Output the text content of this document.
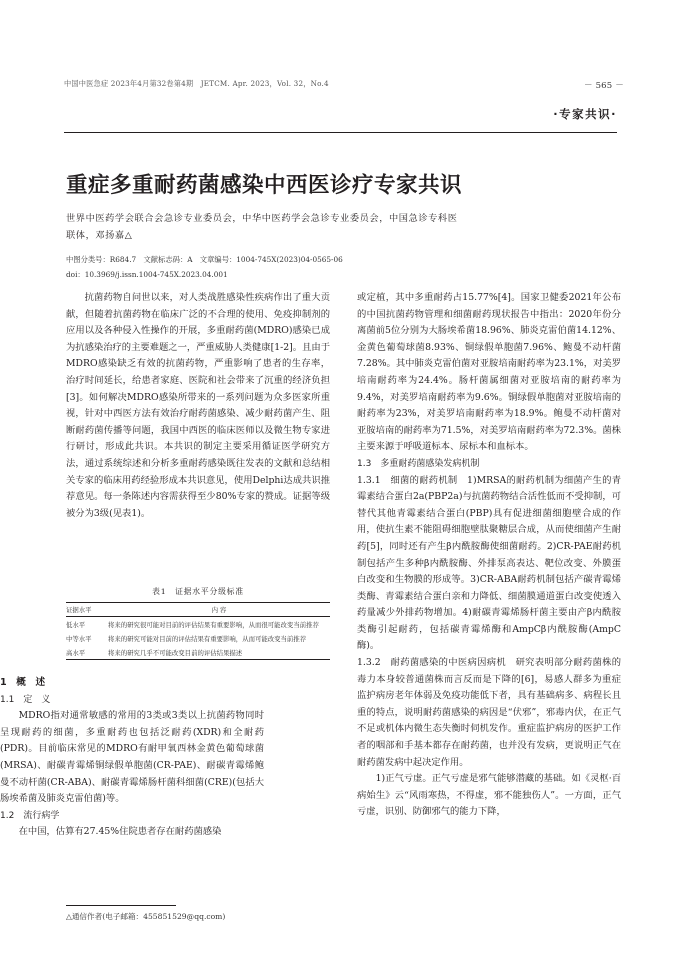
中国中医急症 2023年4月第32卷第4期　JETCM. Apr. 2023，Vol. 32，No.4	－ 565 －
·专家共识·
重症多重耐药菌感染中西医诊疗专家共识
世界中医药学会联合会急诊专业委员会，中华中医药学会急诊专业委员会，中国急诊专科医
联体，邓扬嘉△
中图分类号：R684.7　文献标志码：A　文章编号：1004-745X(2023)04-0565-06
doi：10.3969/j.issn.1004-745X.2023.04.001

抗菌药物自问世以来，对人类战胜感染性疾病作出了重大贡献，但随着抗菌药物在临床广泛的不合理的使用、免疫抑制剂的应用以及各种侵入性操作的开展，多重耐药菌(MDRO)感染已成为抗感染治疗的主要难题之一，严重威胁人类健康[1-2]。且由于MDRO感染缺乏有效的抗菌药物，严重影响了患者的生存率，治疗时间延长，给患者家庭、医院和社会带来了沉重的经济负担[3]。如何解决MDRO感染所带来的一系列问题为众多医家所重视，针对中西医方法有效治疗耐药菌感染、减少耐药菌产生、阻断耐药菌传播等问题，我国中西医的临床医师以及微生物专家进行研讨，形成此共识。本共识的制定主要采用循证医学研究方法，通过系统综述和分析多重耐药感染既往发表的文献和总结相关专家的临床用药经验形成本共识意见，使用Delphi达成共识推荐意见。每一条陈述内容需获得至少80%专家的赞成。证据等级被分为3级(见表1)。

表1　证据水平分级标准
证据水平	内 容
低水平	将来的研究很可能对目前的评估结果有重要影响，从而很可能改变当前推荐
中等水平	将来的研究可能对目前的评估结果有重要影响，从而可能改变当前推荐
高水平	将来的研究几乎不可能改变目前的评估结果描述
1　概　述
1.1　定　义

MDRO指对通常敏感的常用的3类或3类以上抗菌药物同时呈现耐药的细菌，多重耐药也包括泛耐药(XDR)和全耐药(PDR)。目前临床常见的MDRO有耐甲氧西林金黄色葡萄球菌(MRSA)、耐碳青霉烯铜绿假单胞菌(CR-PAE)、耐碳青霉烯鲍曼不动杆菌(CR-ABA)、耐碳青霉烯肠杆菌科细菌(CRE)(包括大肠埃希菌及肺炎克雷伯菌)等。

1.2　流行病学

在中国，估算有27.45%住院患者存在耐药菌感染

或定植，其中多重耐药占15.77%[4]。国家卫健委2021年公布的中国抗菌药物管理和细菌耐药现状报告中指出：2020年份分离菌前5位分别为大肠埃希菌18.96%、肺炎克雷伯菌14.12%、金黄色葡萄球菌8.93%、铜绿假单胞菌7.96%、鲍曼不动杆菌7.28%。其中肺炎克雷伯菌对亚胺培南耐药率为23.1%，对美罗培南耐药率为24.4%。肠杆菌属细菌对亚胺培南的耐药率为9.4%，对美罗培南耐药率为9.6%。铜绿假单胞菌对亚胺培南的耐药率为23%，对美罗培南耐药率为18.9%。鲍曼不动杆菌对亚胺培南的耐药率为71.5%，对美罗培南耐药率为72.3%。菌株主要来源于呼吸道标本、尿标本和血标本。

1.3　多重耐药菌感染发病机制

1.3.1　细菌的耐药机制　1)MRSA的耐药机制为细菌产生的青霉素结合蛋白2a(PBP2a)与抗菌药物结合活性低而不受抑制，可替代其他青霉素结合蛋白(PBP)具有促进细菌细胞壁合成的作用，使抗生素不能阻碍细胞壁肽聚糖层合成，从而使细菌产生耐药[5]，同时还有产生β内酰胺酶使细菌耐药。2)CR-PAE耐药机制包括产生多种β内酰胺酶、外排泵高表达、靶位改变、外膜蛋白改变和生物膜的形成等。3)CR-ABA耐药机制包括产碳青霉烯类酶、青霉素结合蛋白亲和力降低、细菌膜通道蛋白改变使透入药量减少外排药物增加。4)耐碳青霉烯肠杆菌主要由产β内酰胺类酶引起耐药，包括碳青霉烯酶和AmpCβ内酰胺酶(AmpC酶)。

1.3.2　耐药菌感染的中医病因病机　研究表明部分耐药菌株的毒力本身较普通菌株而言反而是下降的[6]，易感人群多为重症监护病房老年体弱及免疫功能低下者，具有基础病多、病程长且重的特点，说明耐药菌感染的病因是“伏邪”，邪毒内伏，在正气不足或机体内微生态失衡时伺机发作。重症监护病房的医护工作者的咽部和手基本都存在耐药菌，也并没有发病，更说明正气在耐药菌发病中起决定作用。

1)正气亏虚。正气亏虚是邪气能够潜藏的基础。如《灵枢·百病始生》云“风雨寒热，不得虚，邪不能独伤人”。一方面，正气亏虚，识别、防御邪气的能力下降，

△通信作者(电子邮箱：455851529@qq.com)
